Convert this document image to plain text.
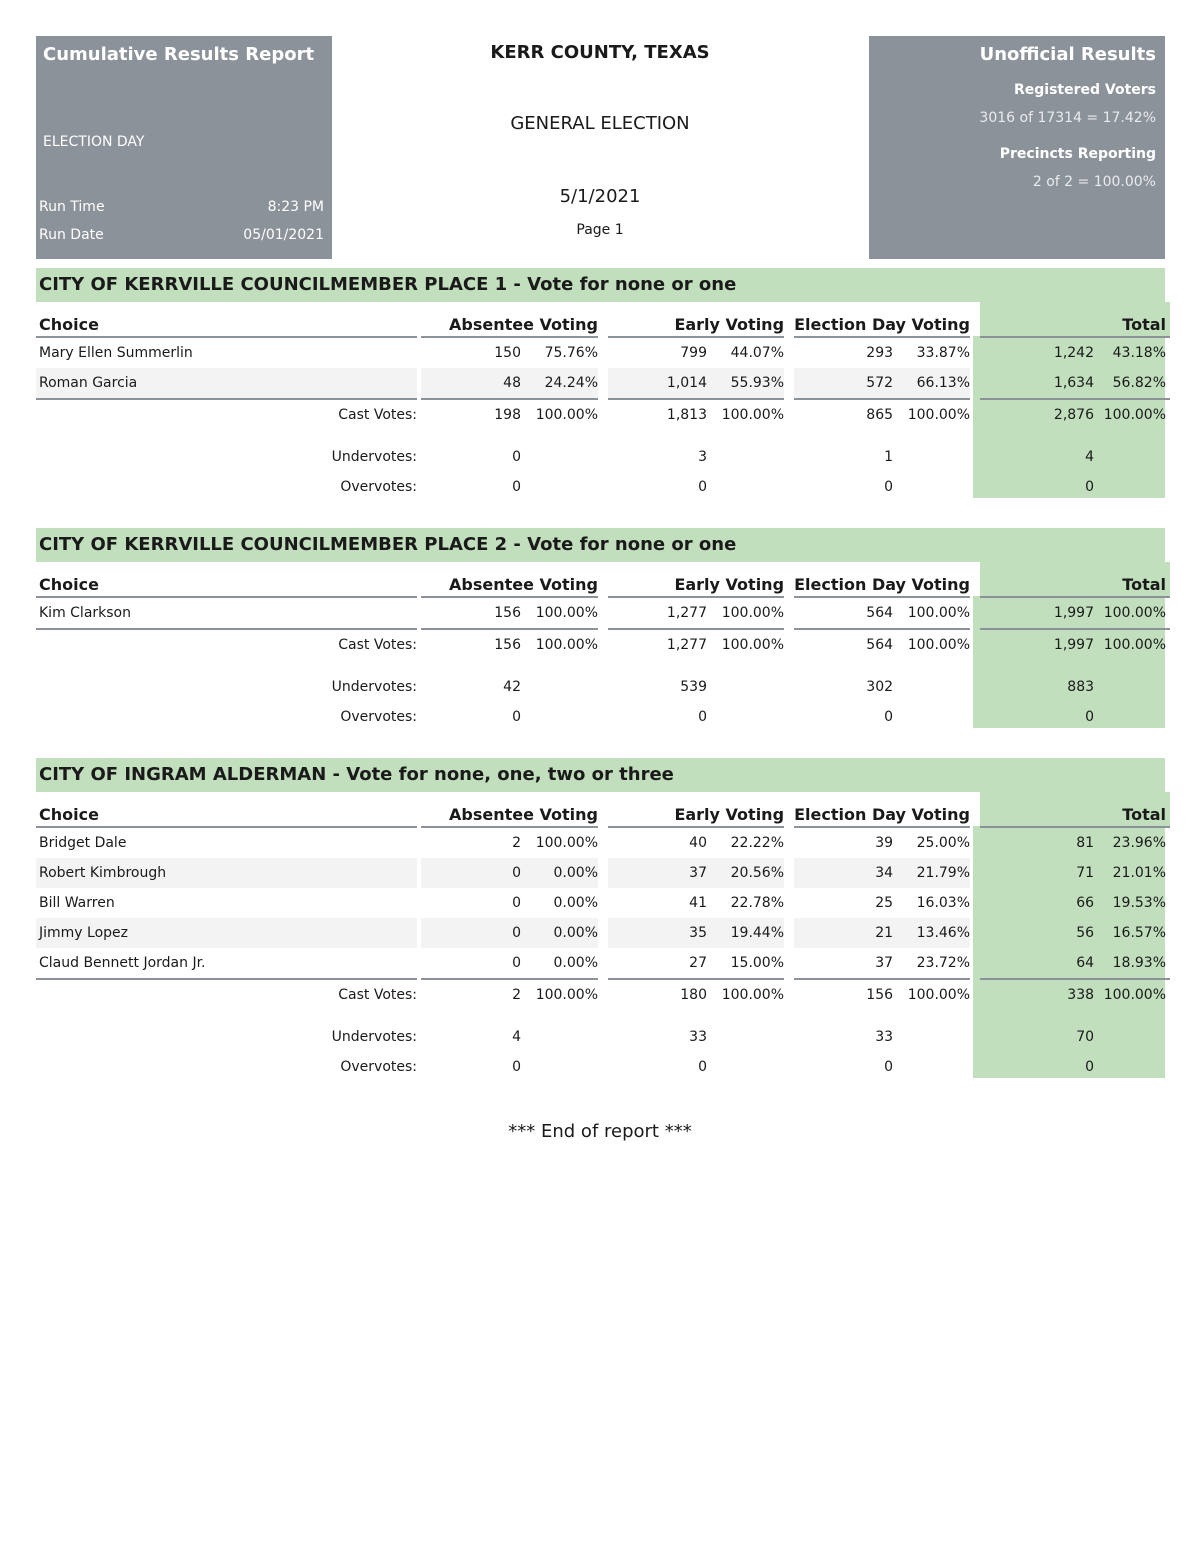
Cumulative Results Report
ELECTION DAY
Run Time	8:23 PM
Run Date	05/01/2021
KERR COUNTY, TEXAS
GENERAL ELECTION
5/1/2021
Page 1
Unofficial Results
Registered Voters
3016 of 17314 = 17.42%
Precincts Reporting
2 of 2 = 100.00%
CITY OF KERRVILLE COUNCILMEMBER PLACE 1 - Vote for none or one
Choice			Absentee Voting			Early Voting			Election Day Voting			Total	
Mary Ellen Summerlin			150	75.76%		799	44.07%		293	33.87%		1,242	43.18%
Roman Garcia			48	24.24%		1,014	55.93%		572	66.13%		1,634	56.82%
Cast Votes:			198	100.00%		1,813	100.00%		865	100.00%		2,876	100.00%

Undervotes:			0			3			1			4	
Overvotes:			0			0			0			0	
CITY OF KERRVILLE COUNCILMEMBER PLACE 2 - Vote for none or one
Choice			Absentee Voting			Early Voting			Election Day Voting			Total	
Kim Clarkson			156	100.00%		1,277	100.00%		564	100.00%		1,997	100.00%
Cast Votes:			156	100.00%		1,277	100.00%		564	100.00%		1,997	100.00%

Undervotes:			42			539			302			883	
Overvotes:			0			0			0			0	
CITY OF INGRAM ALDERMAN - Vote for none, one, two or three
Choice			Absentee Voting			Early Voting			Election Day Voting			Total	
Bridget Dale			2	100.00%		40	22.22%		39	25.00%		81	23.96%
Robert Kimbrough			0	0.00%		37	20.56%		34	21.79%		71	21.01%
Bill Warren			0	0.00%		41	22.78%		25	16.03%		66	19.53%
Jimmy Lopez			0	0.00%		35	19.44%		21	13.46%		56	16.57%
Claud Bennett Jordan Jr.			0	0.00%		27	15.00%		37	23.72%		64	18.93%
Cast Votes:			2	100.00%		180	100.00%		156	100.00%		338	100.00%

Undervotes:			4			33			33			70	
Overvotes:			0			0			0			0	
*** End of report ***
